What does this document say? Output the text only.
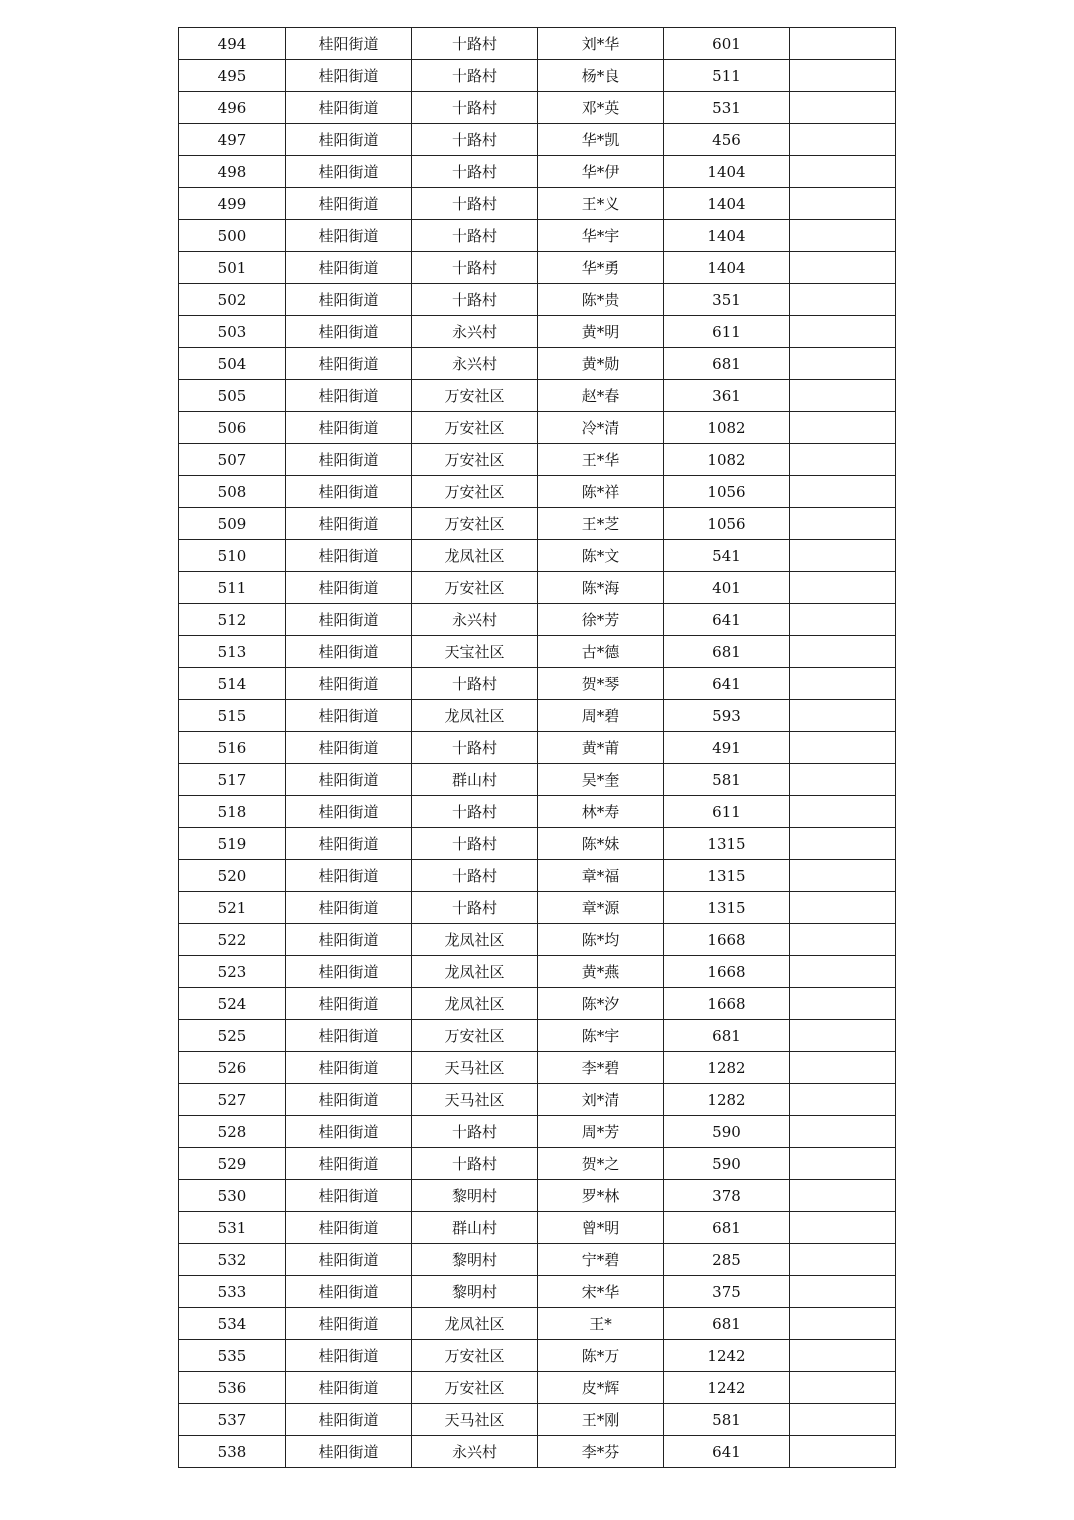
494	桂阳街道	十路村	刘*华	601	
495	桂阳街道	十路村	杨*良	511	
496	桂阳街道	十路村	邓*英	531	
497	桂阳街道	十路村	华*凯	456	
498	桂阳街道	十路村	华*伊	1404	
499	桂阳街道	十路村	王*义	1404	
500	桂阳街道	十路村	华*宇	1404	
501	桂阳街道	十路村	华*勇	1404	
502	桂阳街道	十路村	陈*贵	351	
503	桂阳街道	永兴村	黄*明	611	
504	桂阳街道	永兴村	黄*勋	681	
505	桂阳街道	万安社区	赵*春	361	
506	桂阳街道	万安社区	冷*清	1082	
507	桂阳街道	万安社区	王*华	1082	
508	桂阳街道	万安社区	陈*祥	1056	
509	桂阳街道	万安社区	王*芝	1056	
510	桂阳街道	龙凤社区	陈*文	541	
511	桂阳街道	万安社区	陈*海	401	
512	桂阳街道	永兴村	徐*芳	641	
513	桂阳街道	天宝社区	古*德	681	
514	桂阳街道	十路村	贺*琴	641	
515	桂阳街道	龙凤社区	周*碧	593	
516	桂阳街道	十路村	黄*莆	491	
517	桂阳街道	群山村	吴*奎	581	
518	桂阳街道	十路村	林*寿	611	
519	桂阳街道	十路村	陈*妹	1315	
520	桂阳街道	十路村	章*福	1315	
521	桂阳街道	十路村	章*源	1315	
522	桂阳街道	龙凤社区	陈*均	1668	
523	桂阳街道	龙凤社区	黄*燕	1668	
524	桂阳街道	龙凤社区	陈*汐	1668	
525	桂阳街道	万安社区	陈*宇	681	
526	桂阳街道	天马社区	李*碧	1282	
527	桂阳街道	天马社区	刘*清	1282	
528	桂阳街道	十路村	周*芳	590	
529	桂阳街道	十路村	贺*之	590	
530	桂阳街道	黎明村	罗*林	378	
531	桂阳街道	群山村	曾*明	681	
532	桂阳街道	黎明村	宁*碧	285	
533	桂阳街道	黎明村	宋*华	375	
534	桂阳街道	龙凤社区	王*	681	
535	桂阳街道	万安社区	陈*万	1242	
536	桂阳街道	万安社区	皮*辉	1242	
537	桂阳街道	天马社区	王*刚	581	
538	桂阳街道	永兴村	李*芬	641	
